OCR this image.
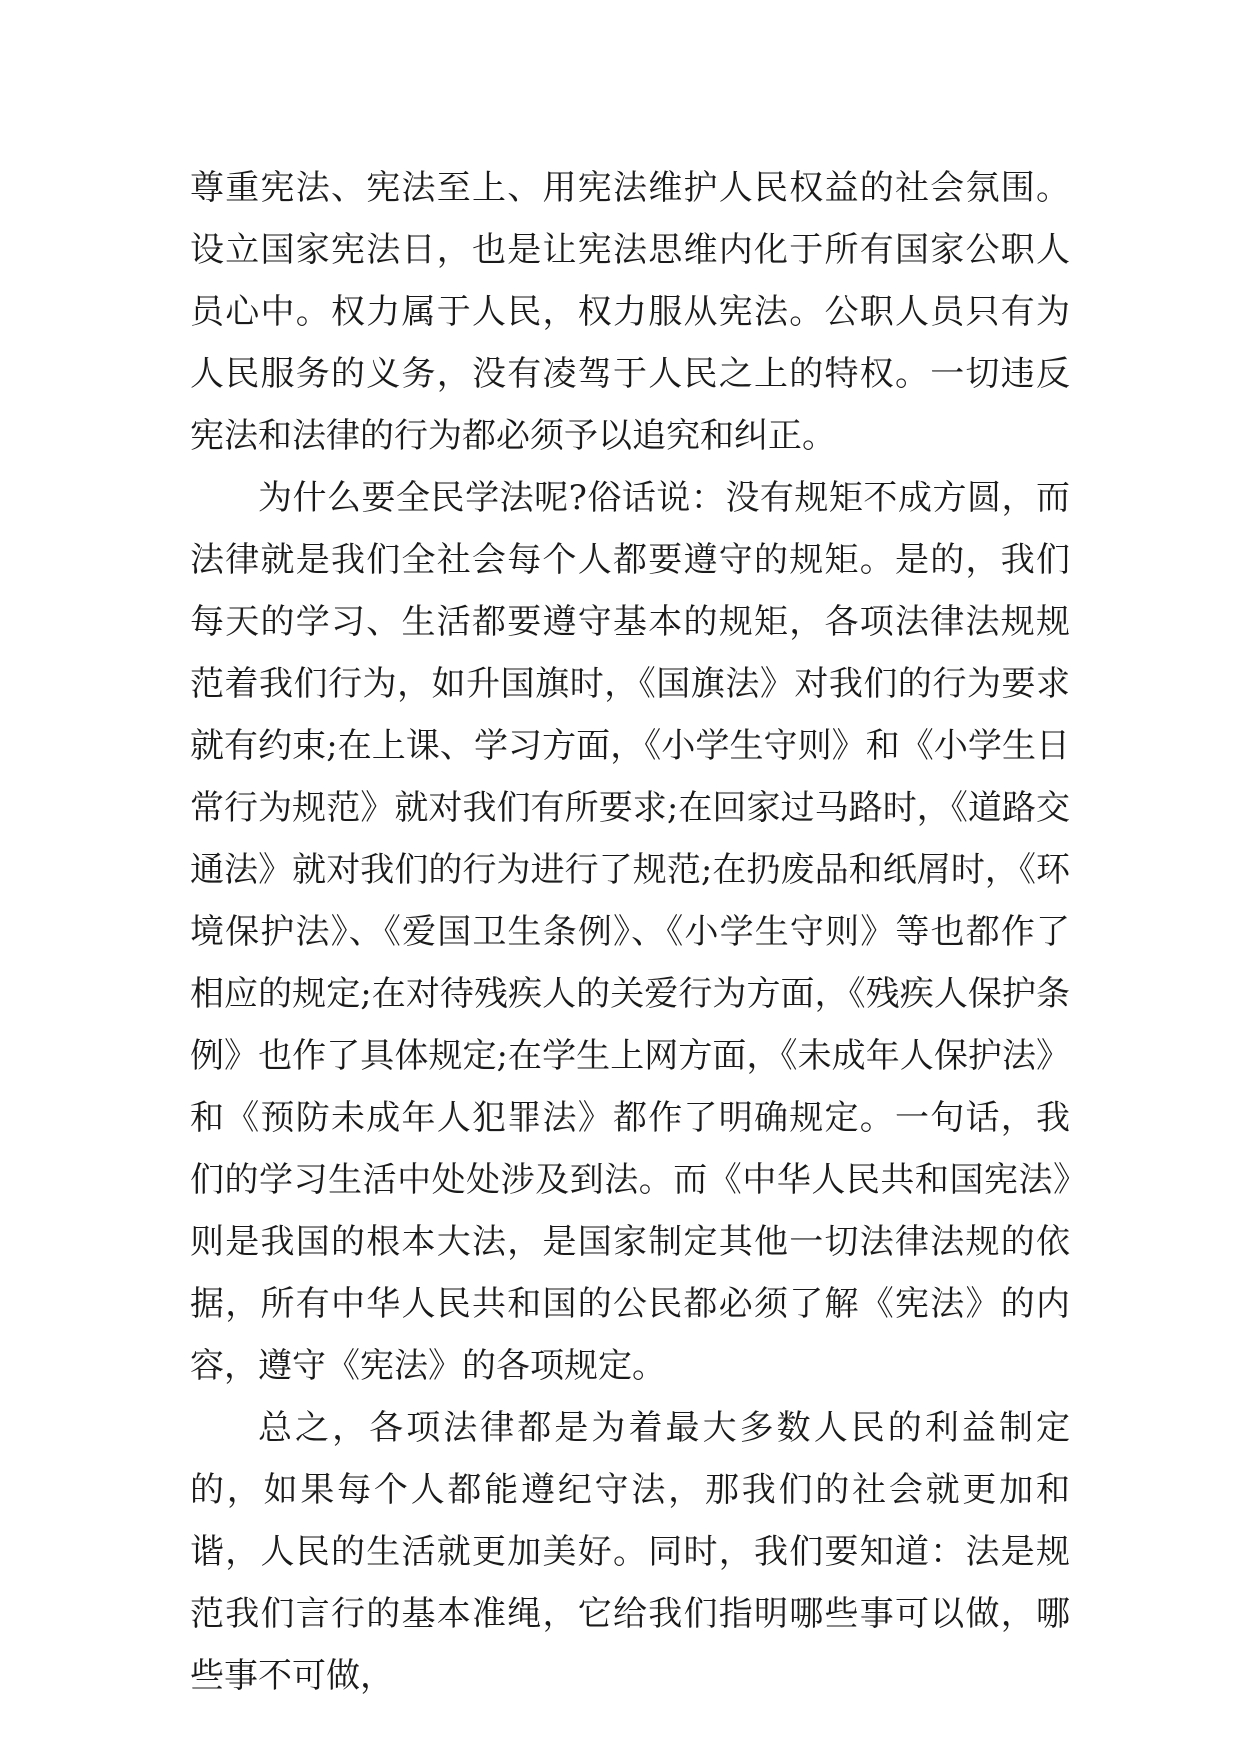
尊重宪法、宪法至上、用宪法维护人民权益的社会氛围。设立国家宪法日，也是让宪法思维内化于所有国家公职人员心中。权力属于人民，权力服从宪法。公职人员只有为人民服务的义务，没有凌驾于人民之上的特权。一切违反宪法和法律的行为都必须予以追究和纠正。

为什么要全民学法呢?俗话说：没有规矩不成方圆，而法律就是我们全社会每个人都要遵守的规矩。是的，我们每天的学习、生活都要遵守基本的规矩，各项法律法规规范着我们行为，如升国旗时，《国旗法》对我们的行为要求就有约束;在上课、学习方面，《小学生守则》和《小学生日常行为规范》就对我们有所要求;在回家过马路时，《道路交通法》就对我们的行为进行了规范;在扔废品和纸屑时，《环境保护法》、《爱国卫生条例》、《小学生守则》等也都作了相应的规定;在对待残疾人的关爱行为方面，《残疾人保护条例》也作了具体规定;在学生上网方面，《未成年人保护法》和《预防未成年人犯罪法》都作了明确规定。一句话，我们的学习生活中处处涉及到法。而《中华人民共和国宪法》则是我国的根本大法，是国家制定其他一切法律法规的依据，所有中华人民共和国的公民都必须了解《宪法》的内容，遵守《宪法》的各项规定。

总之，各项法律都是为着最大多数人民的利益制定的，如果每个人都能遵纪守法，那我们的社会就更加和谐，人民的生活就更加美好。同时，我们要知道：法是规范我们言行的基本准绳，它给我们指明哪些事可以做，哪些事不可做，
